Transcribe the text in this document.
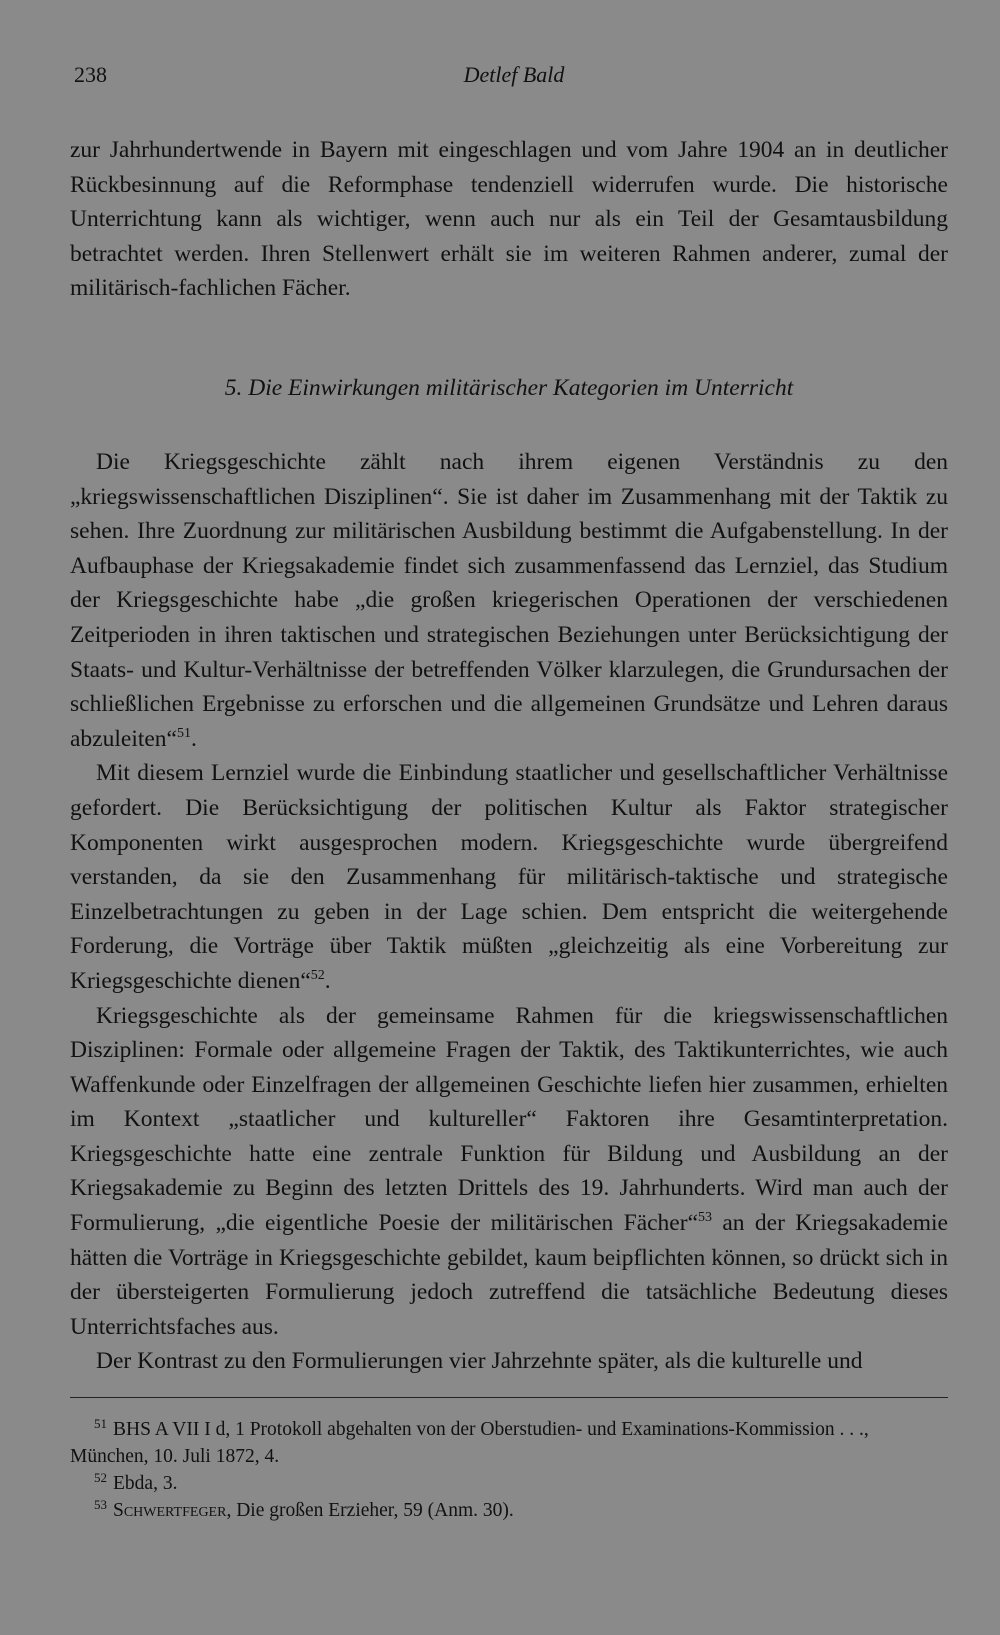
238	Detlef Bald

zur Jahrhundertwende in Bayern mit eingeschlagen und vom Jahre 1904 an in deutlicher Rückbesinnung auf die Reformphase tendenziell widerrufen wurde. Die historische Unterrichtung kann als wichtiger, wenn auch nur als ein Teil der Gesamtausbildung betrachtet werden. Ihren Stellenwert erhält sie im weiteren Rahmen anderer, zumal der militärisch-fachlichen Fächer.

5. Die Einwirkungen militärischer Kategorien im Unterricht

Die Kriegsgeschichte zählt nach ihrem eigenen Verständnis zu den „kriegswissenschaftlichen Disziplinen“. Sie ist daher im Zusammenhang mit der Taktik zu sehen. Ihre Zuordnung zur militärischen Ausbildung bestimmt die Aufgabenstellung. In der Aufbauphase der Kriegsakademie findet sich zusammenfassend das Lernziel, das Studium der Kriegsgeschichte habe „die großen kriegerischen Operationen der verschiedenen Zeitperioden in ihren taktischen und strategischen Beziehungen unter Berücksichtigung der Staats- und Kultur-Verhältnisse der betreffenden Völker klarzulegen, die Grundursachen der schließlichen Ergebnisse zu erforschen und die allgemeinen Grundsätze und Lehren daraus abzuleiten“$^{51}$.

Mit diesem Lernziel wurde die Einbindung staatlicher und gesellschaftlicher Verhältnisse gefordert. Die Berücksichtigung der politischen Kultur als Faktor strategischer Komponenten wirkt ausgesprochen modern. Kriegsgeschichte wurde übergreifend verstanden, da sie den Zusammenhang für militärisch-taktische und strategische Einzelbetrachtungen zu geben in der Lage schien. Dem entspricht die weitergehende Forderung, die Vorträge über Taktik müßten „gleichzeitig als eine Vorbereitung zur Kriegsgeschichte dienen“$^{52}$.

Kriegsgeschichte als der gemeinsame Rahmen für die kriegswissenschaftlichen Disziplinen: Formale oder allgemeine Fragen der Taktik, des Taktikunterrichtes, wie auch Waffenkunde oder Einzelfragen der allgemeinen Geschichte liefen hier zusammen, erhielten im Kontext „staatlicher und kultureller“ Faktoren ihre Gesamtinterpretation. Kriegsgeschichte hatte eine zentrale Funktion für Bildung und Ausbildung an der Kriegsakademie zu Beginn des letzten Drittels des 19. Jahrhunderts. Wird man auch der Formulierung, „die eigentliche Poesie der militärischen Fächer“$^{53}$ an der Kriegsakademie hätten die Vorträge in Kriegsgeschichte gebildet, kaum beipflichten können, so drückt sich in der übersteigerten Formulierung jedoch zutreffend die tatsächliche Bedeutung dieses Unterrichtsfaches aus.

Der Kontrast zu den Formulierungen vier Jahrzehnte später, als die kulturelle und

$^{51}$ BHS A VII I d, 1 Protokoll abgehalten von der Oberstudien- und Examinations-Kommission . . ., München, 10. Juli 1872, 4.

$^{52}$ Ebda, 3.

$^{53}$ Schwertfeger, Die großen Erzieher, 59 (Anm. 30).
